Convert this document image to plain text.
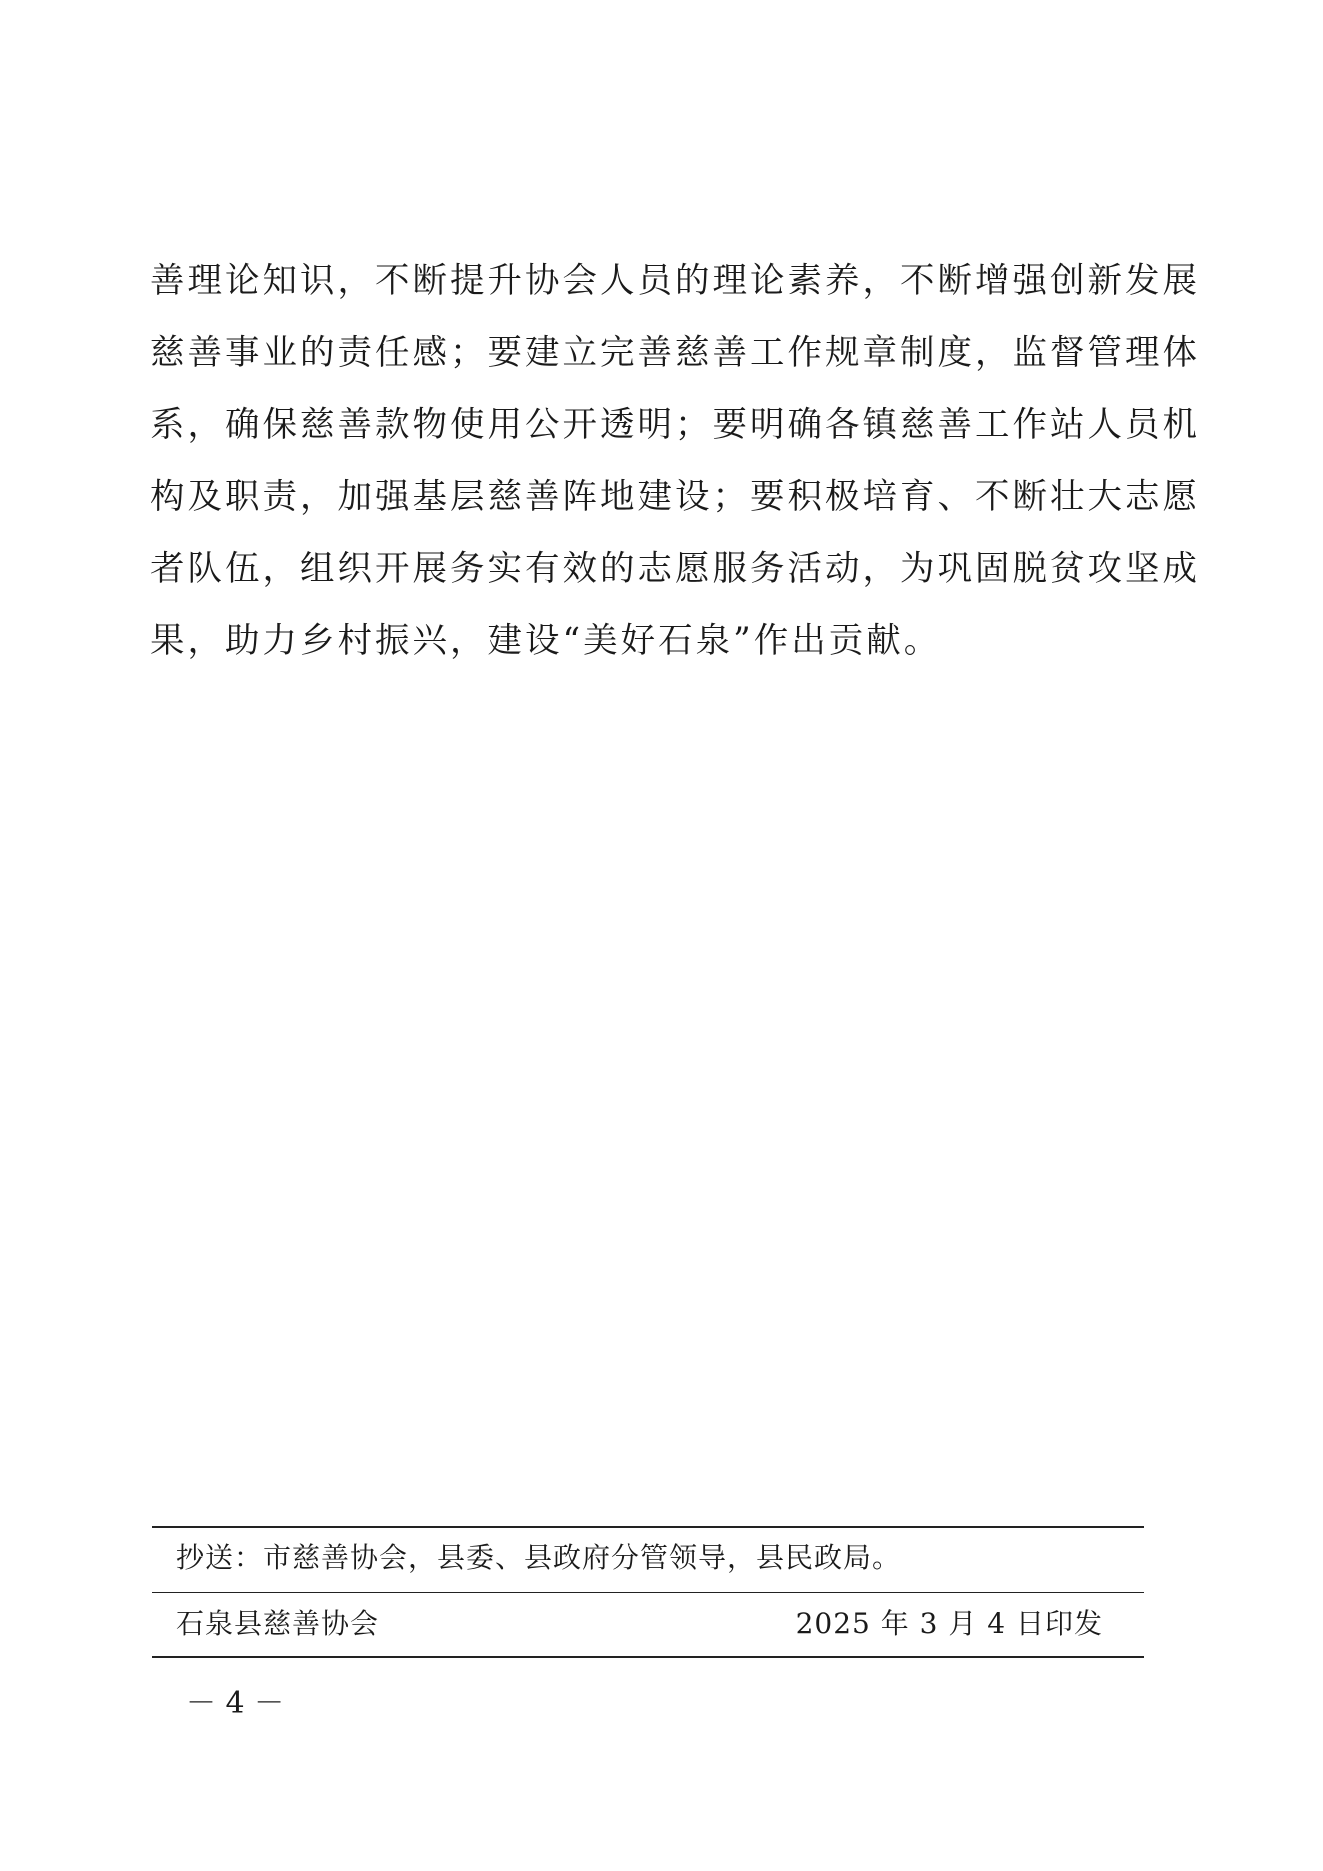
善理论知识，不断提升协会人员的理论素养，不断增强创新发展
慈善事业的责任感；要建立完善慈善工作规章制度，监督管理体
系，确保慈善款物使用公开透明；要明确各镇慈善工作站人员机
构及职责，加强基层慈善阵地建设；要积极培育、不断壮大志愿
者队伍，组织开展务实有效的志愿服务活动，为巩固脱贫攻坚成
果，助力乡村振兴，建设“美好石泉”作出贡献。
抄送：市慈善协会，县委、县政府分管领导，县民政局。
石泉县慈善协会	2025 年 3 月 4 日印发
－ 4 －
